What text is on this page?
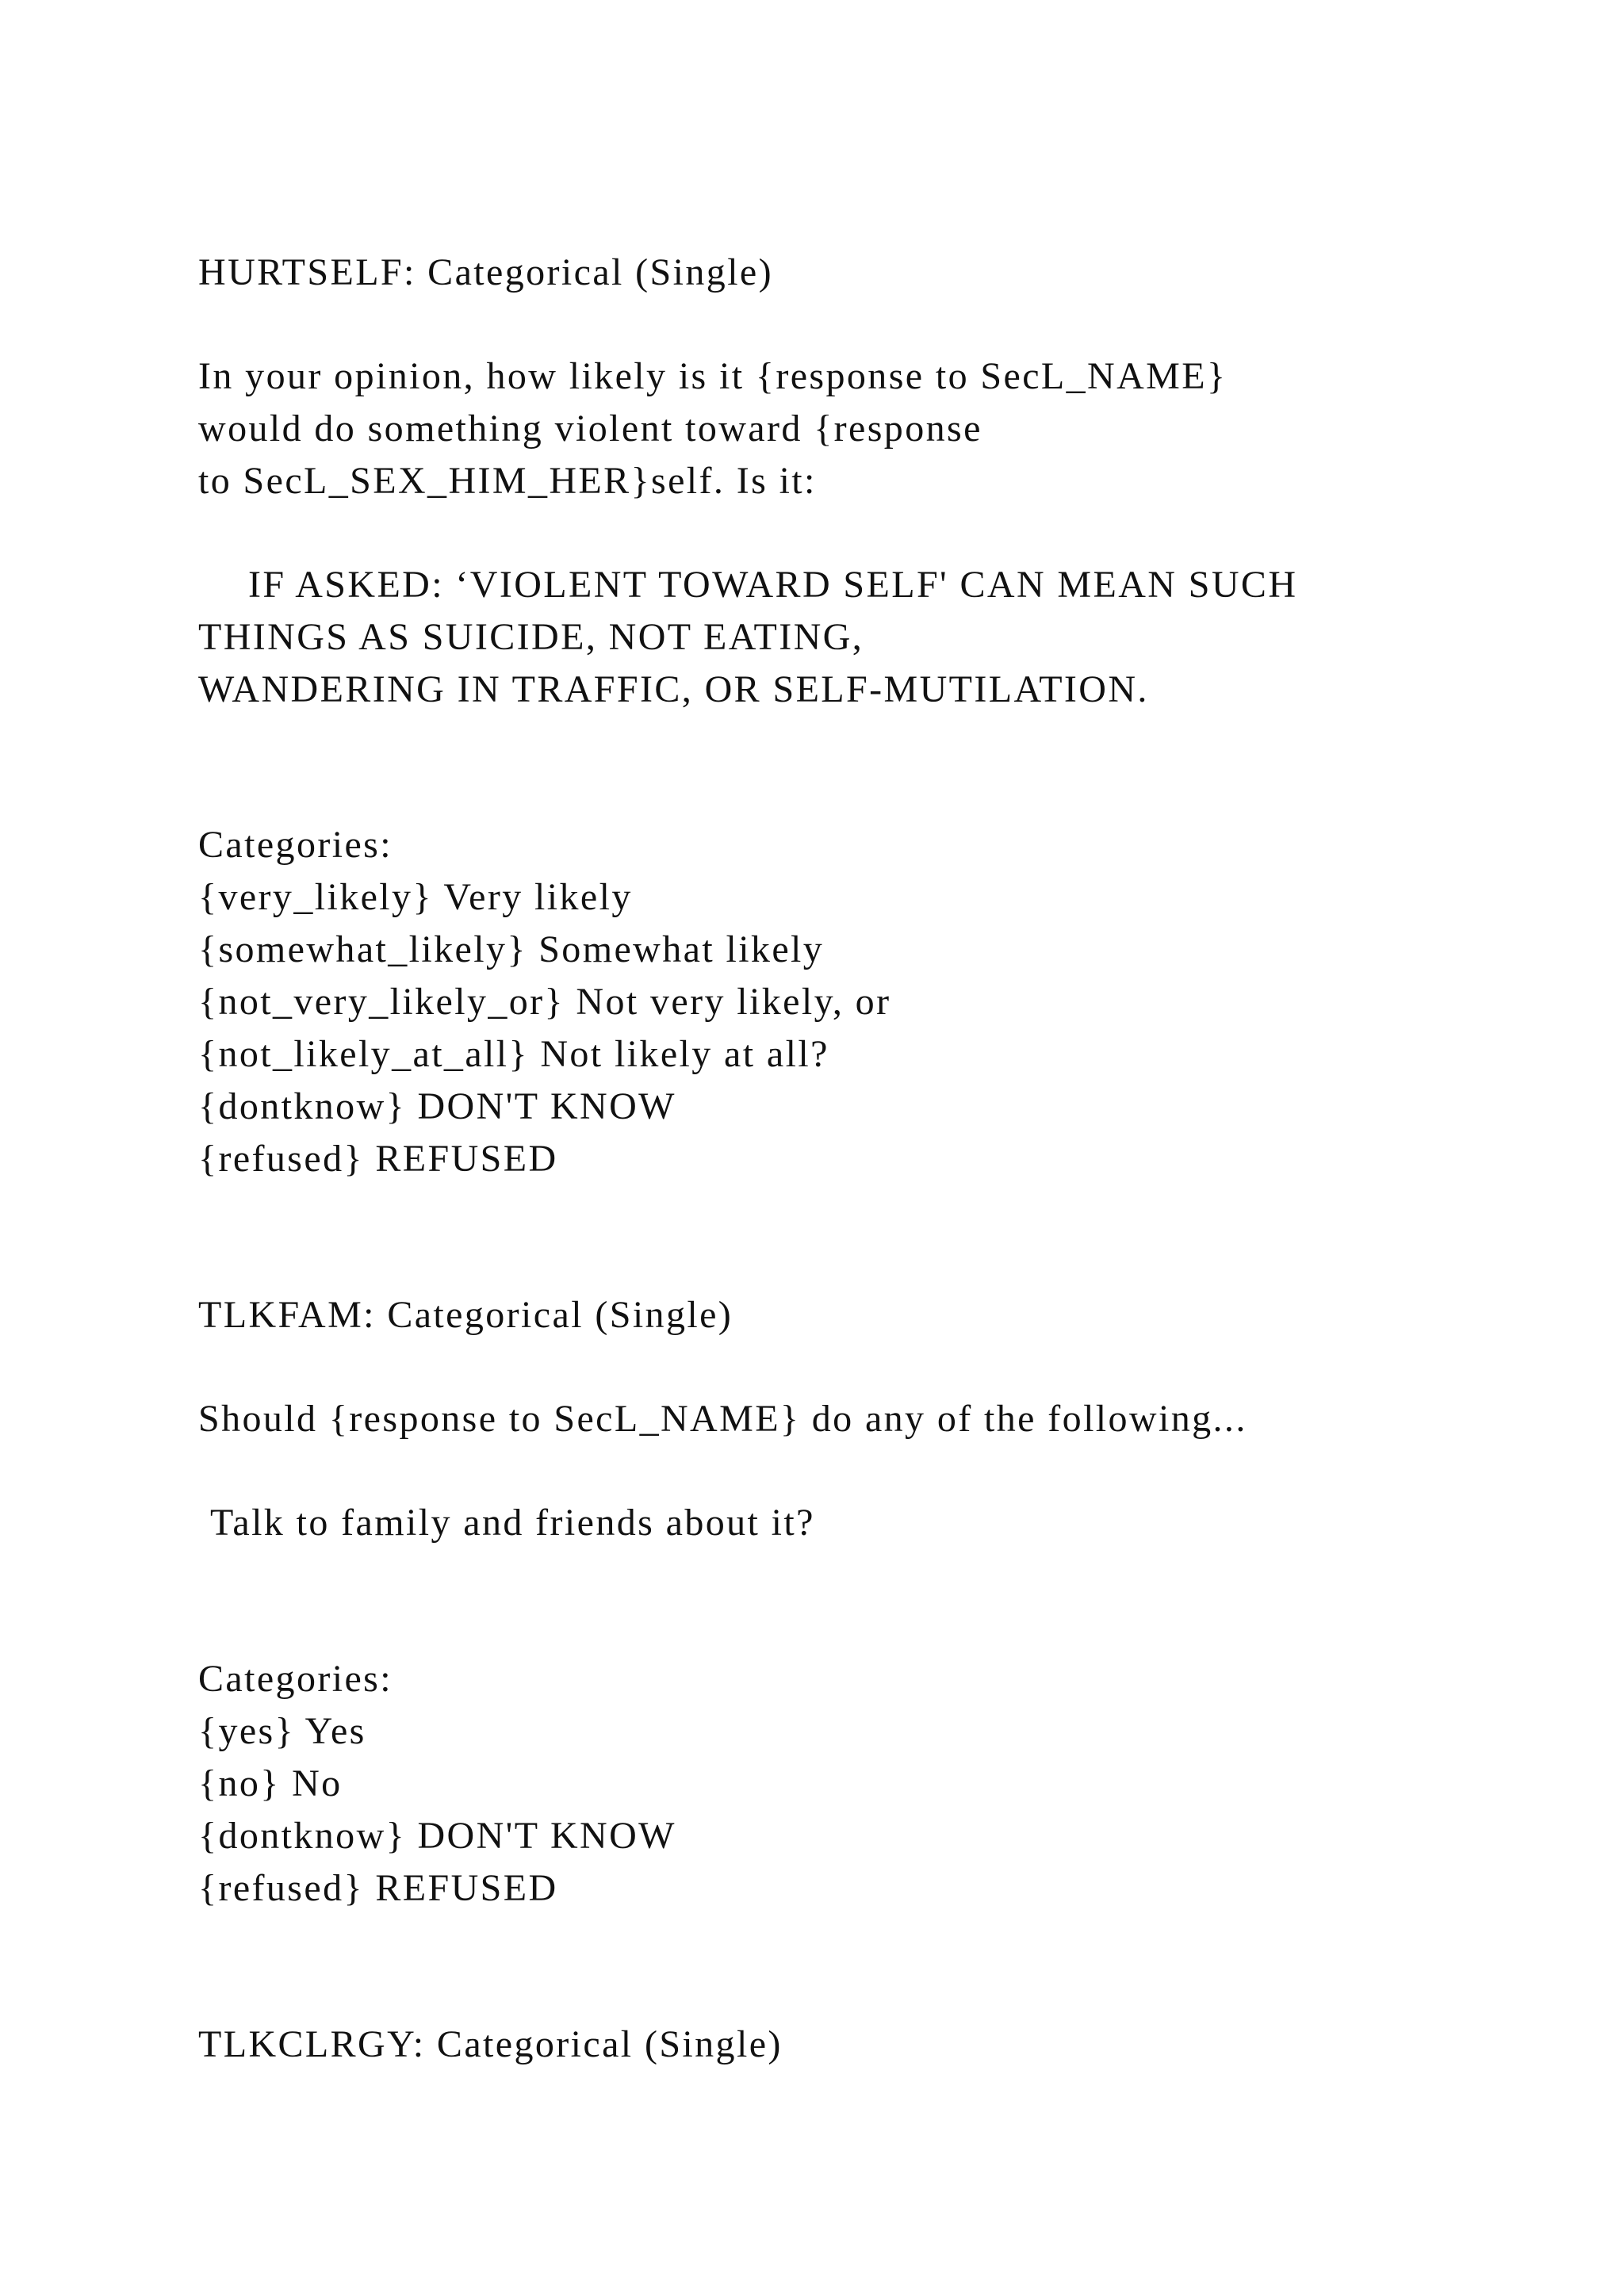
HURTSELF: Categorical (Single)

In your opinion, how likely is it {response to SecL_NAME}

would do something violent toward {response

to SecL_SEX_HIM_HER}self. Is it:

IF ASKED: ‘VIOLENT TOWARD SELF' CAN MEAN SUCH

THINGS AS SUICIDE, NOT EATING,

WANDERING IN TRAFFIC, OR SELF-MUTILATION.

Categories:

{very_likely} Very likely

{somewhat_likely} Somewhat likely

{not_very_likely_or} Not very likely, or

{not_likely_at_all} Not likely at all?

{dontknow} DON'T KNOW

{refused} REFUSED

TLKFAM: Categorical (Single)

Should {response to SecL_NAME} do any of the following...

Talk to family and friends about it?

Categories:

{yes} Yes

{no} No

{dontknow} DON'T KNOW

{refused} REFUSED

TLKCLRGY: Categorical (Single)
